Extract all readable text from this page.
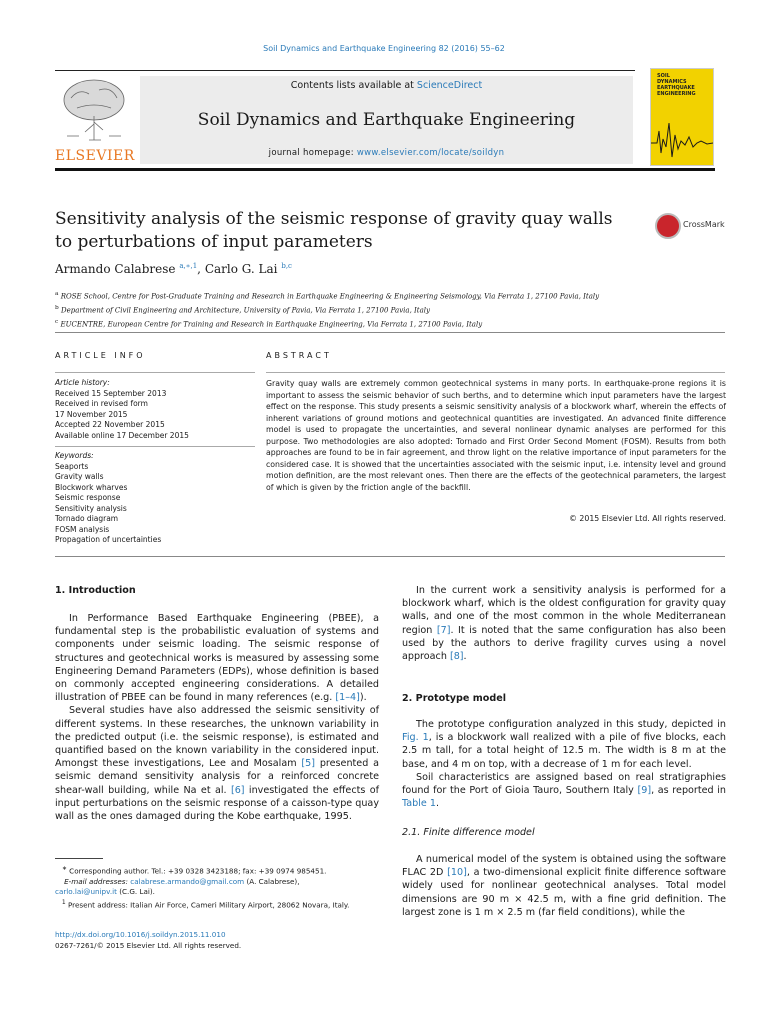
Soil Dynamics and Earthquake Engineering 82 (2016) 55–62
ELSEVIER
Contents lists available at ScienceDirect
Soil Dynamics and Earthquake Engineering
journal homepage: www.elsevier.com/locate/soildyn
SOIL
DYNAMICS
EARTHQUAKE
ENGINEERING
Sensitivity analysis of the seismic response of gravity quay walls
to perturbations of input parameters
CrossMark
Armando Calabrese $^{a,∗,1}$, Carlo G. Lai $^{b,c}$
$^a$ ROSE School, Centre for Post-Graduate Training and Research in Earthquake Engineering & Engineering Seismology, Via Ferrata 1, 27100 Pavia, Italy
$^b$ Department of Civil Engineering and Architecture, University of Pavia, Via Ferrata 1, 27100 Pavia, Italy
$^c$ EUCENTRE, European Centre for Training and Research in Earthquake Engineering, Via Ferrata 1, 27100 Pavia, Italy
ARTICLE INFO	ABSTRACT
Article history:
Received 15 September 2013
Received in revised form
17 November 2015
Accepted 22 November 2015
Available online 17 December 2015
Keywords:
Seaports
Gravity walls
Blockwork wharves
Seismic response
Sensitivity analysis
Tornado diagram
FOSM analysis
Propagation of uncertainties
Gravity quay walls are extremely common geotechnical systems in many ports. In earthquake-prone regions it is important to assess the seismic behavior of such berths, and to determine which input parameters have the largest effect on the response. This study presents a seismic sensitivity analysis of a blockwork wharf, wherein the effects of inherent variations of ground motions and geotechnical quantities are investigated. An advanced finite difference model is used to propagate the uncertainties, and several nonlinear dynamic analyses are performed for this purpose. Two methodologies are also adopted: Tornado and First Order Second Moment (FOSM). Results from both approaches are found to be in fair agreement, and throw light on the relative importance of input parameters for the considered case. It is showed that the uncertainties associated with the seismic input, i.e. intensity level and ground motion definition, are the most relevant ones. Then there are the effects of the geotechnical parameters, the largest of which is given by the friction angle of the backfill.
© 2015 Elsevier Ltd. All rights reserved.
1. Introduction

In Performance Based Earthquake Engineering (PBEE), a fundamental step is the probabilistic evaluation of systems and components under seismic loading. The seismic response of structures and geotechnical works is measured by assessing some Engineering Demand Parameters (EDPs), whose definition is based on commonly accepted engineering considerations. A detailed illustration of PBEE can be found in many references (e.g. [1–4]).

Several studies have also addressed the seismic sensitivity of different systems. In these researches, the unknown variability in the predicted output (i.e. the seismic response), is estimated and quantified based on the known variability in the considered input. Amongst these investigations, Lee and Mosalam [5] presented a seismic demand sensitivity analysis for a reinforced concrete shear-wall building, while Na et al. [6] investigated the effects of input perturbations on the seismic response of a caisson-type quay wall as the ones damaged during the Kobe earthquake, 1995.

∗ Corresponding author. Tel.: +39 0328 3423188; fax: +39 0974 985451.
E-mail addresses: calabrese.armando@gmail.com (A. Calabrese),
carlo.lai@unipv.it (C.G. Lai).
$^1$ Present address: Italian Air Force, Cameri Military Airport, 28062 Novara, Italy.
http://dx.doi.org/10.1016/j.soildyn.2015.11.010
0267-7261/© 2015 Elsevier Ltd. All rights reserved.

In the current work a sensitivity analysis is performed for a blockwork wharf, which is the oldest configuration for gravity quay walls, and one of the most common in the whole Mediterranean region [7]. It is noted that the same configuration has also been used by the authors to derive fragility curves using a novel approach [8].

2. Prototype model

The prototype configuration analyzed in this study, depicted in Fig. 1, is a blockwork wall realized with a pile of five blocks, each 2.5 m tall, for a total height of 12.5 m. The width is 8 m at the base, and 4 m on top, with a decrease of 1 m for each level.

Soil characteristics are assigned based on real stratigraphies found for the Port of Gioia Tauro, Southern Italy [9], as reported in Table 1.

2.1. Finite difference model

A numerical model of the system is obtained using the software FLAC 2D [10], a two-dimensional explicit finite difference software widely used for nonlinear geotechnical analyses. Total model dimensions are 90 m × 42.5 m, with a fine grid definition. The largest zone is 1 m × 2.5 m (far field conditions), while the
